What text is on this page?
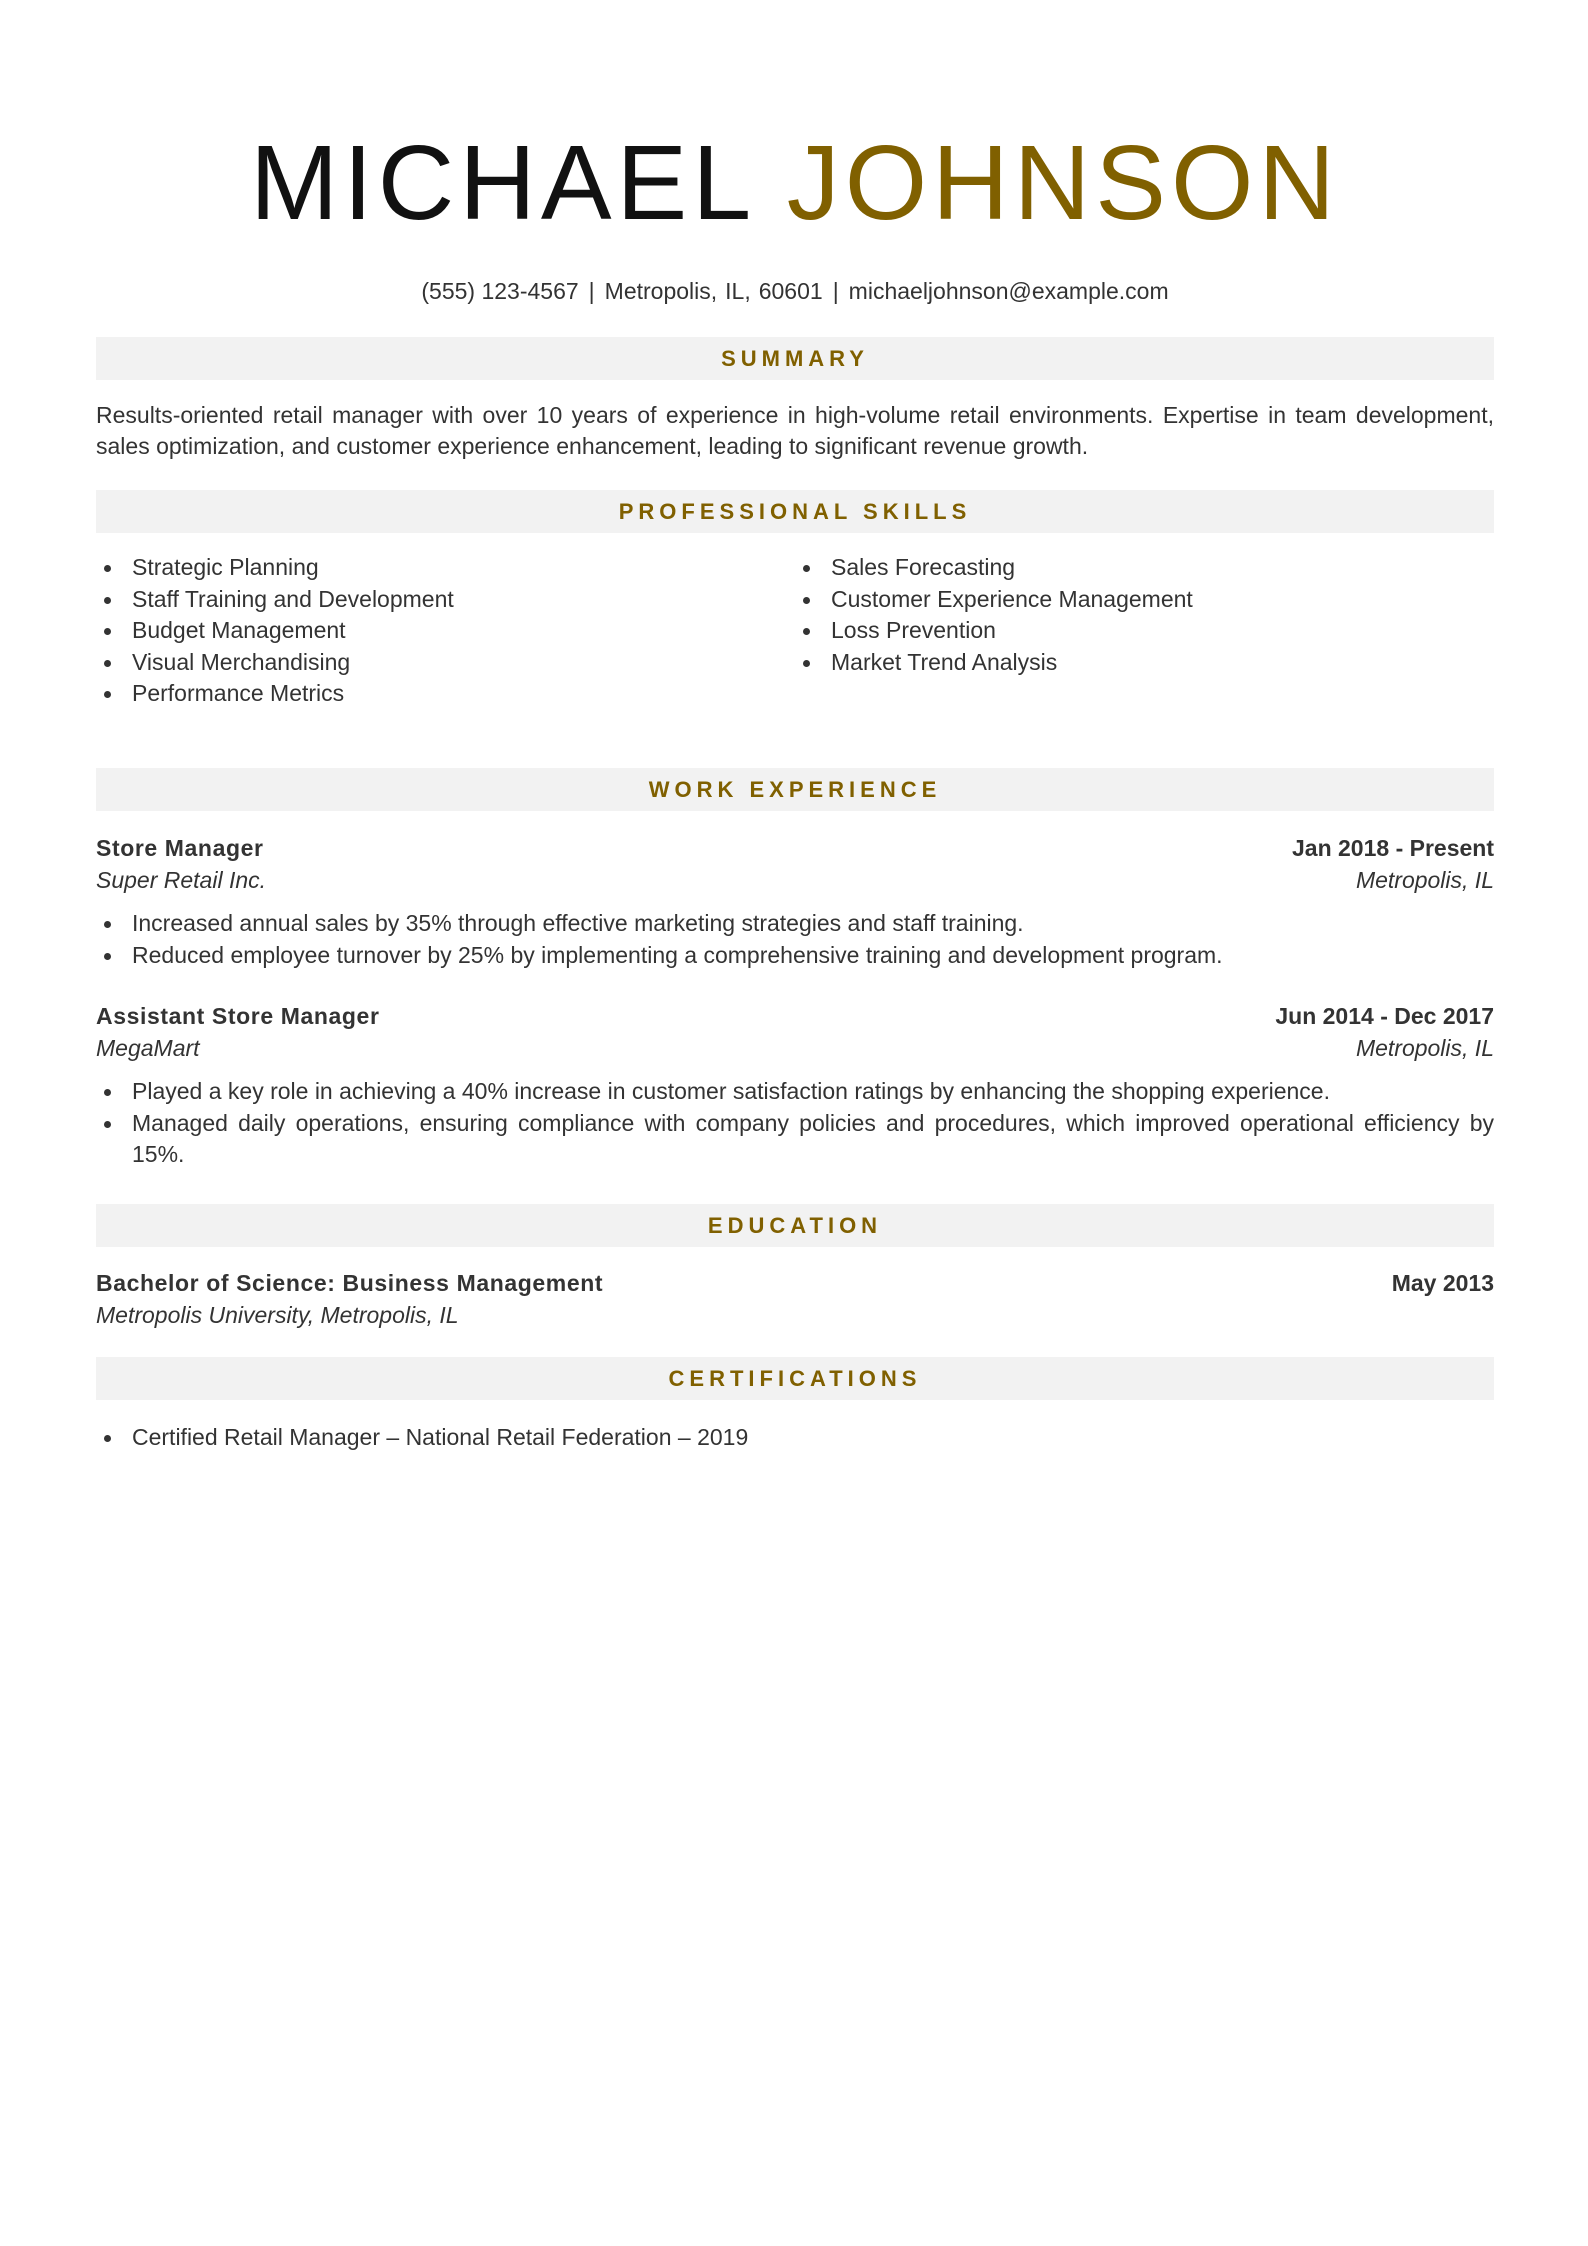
MICHAEL JOHNSON
(555) 123-4567 | Metropolis, IL, 60601 | michaeljohnson@example.com
SUMMARY
Results-oriented retail manager with over 10 years of experience in high-volume retail environments. Expertise in team development, sales optimization, and customer experience enhancement, leading to significant revenue growth.
PROFESSIONAL SKILLS
Strategic Planning
Staff Training and Development
Budget Management
Visual Merchandising
Performance Metrics
Sales Forecasting
Customer Experience Management
Loss Prevention
Market Trend Analysis
WORK EXPERIENCE
Store Manager	Jan 2018 - Present
Super Retail Inc.	Metropolis, IL
Increased annual sales by 35% through effective marketing strategies and staff training.
Reduced employee turnover by 25% by implementing a comprehensive training and development program.
Assistant Store Manager	Jun 2014 - Dec 2017
MegaMart	Metropolis, IL
Played a key role in achieving a 40% increase in customer satisfaction ratings by enhancing the shopping experience.
Managed daily operations, ensuring compliance with company policies and procedures, which improved operational efficiency by 15%.
EDUCATION
Bachelor of Science: Business Management	May 2013
Metropolis University, Metropolis, IL
CERTIFICATIONS
Certified Retail Manager – National Retail Federation – 2019
